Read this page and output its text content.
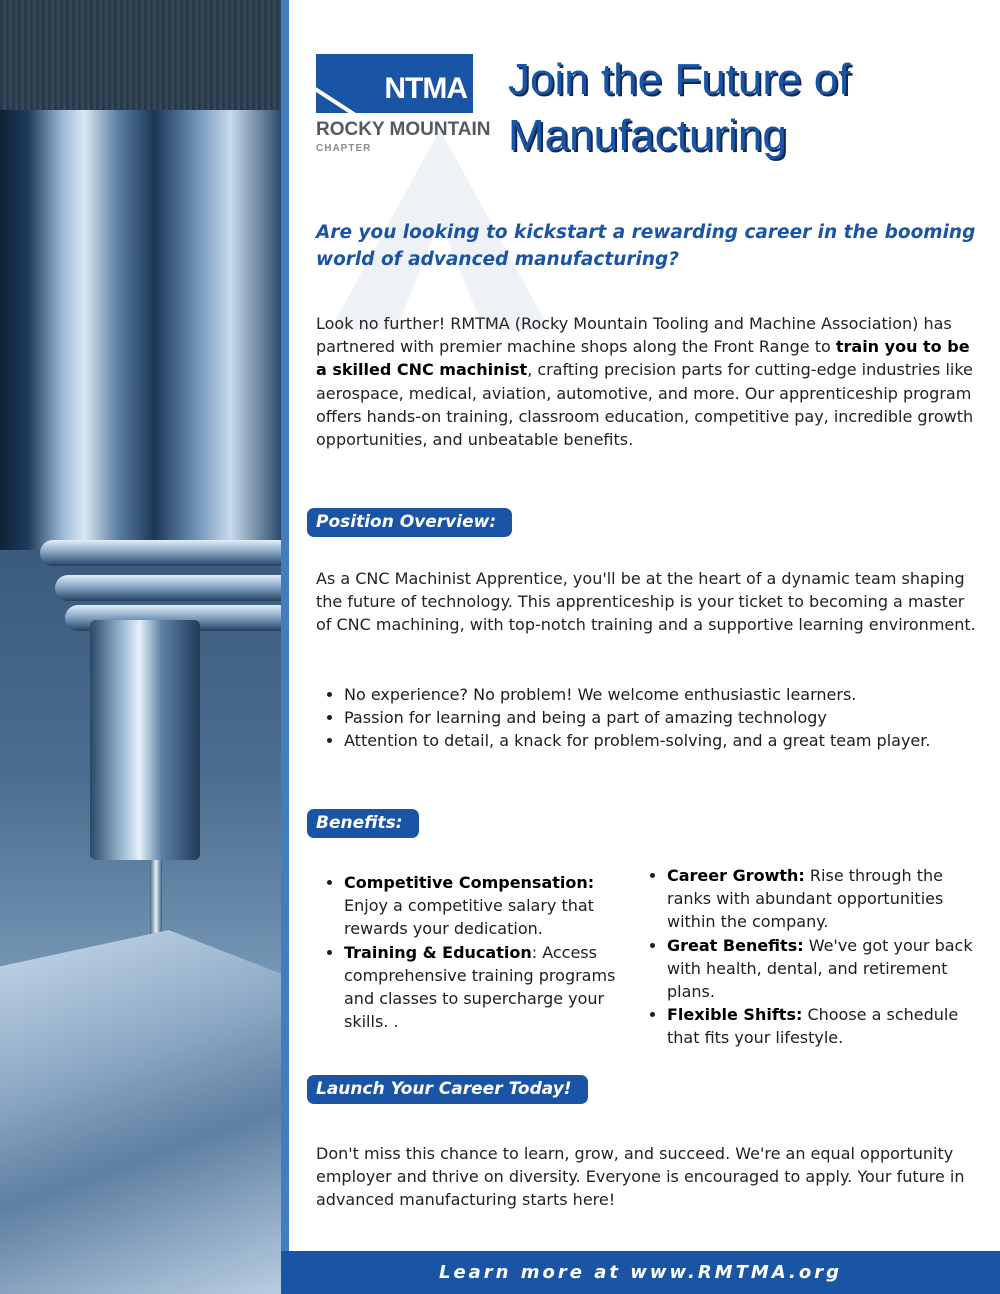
NTMA
ROCKY MOUNTAIN
CHAPTER
Join the Future of Manufacturing
Are you looking to kickstart a rewarding career in the booming world of advanced manufacturing?
Look no further! RMTMA (Rocky Mountain Tooling and Machine Association) has partnered with premier machine shops along the Front Range to train you to be a skilled CNC machinist, crafting precision parts for cutting-edge industries like aerospace, medical, aviation, automotive, and more. Our apprenticeship program offers hands-on training, classroom education, competitive pay, incredible growth opportunities, and unbeatable benefits.
Position Overview:
As a CNC Machinist Apprentice, you'll be at the heart of a dynamic team shaping the future of technology. This apprenticeship is your ticket to becoming a master of CNC machining, with top-notch training and a supportive learning environment.
• No experience? No problem! We welcome enthusiastic learners.
• Passion for learning and being a part of amazing technology
• Attention to detail, a knack for problem-solving, and a great team player.
Benefits:
• Competitive Compensation: Enjoy a competitive salary that rewards your dedication.
• Training & Education: Access comprehensive training programs and classes to supercharge your skills. .
• Career Growth: Rise through the ranks with abundant opportunities within the company.
• Great Benefits: We've got your back with health, dental, and retirement plans.
• Flexible Shifts: Choose a schedule that fits your lifestyle.
Launch Your Career Today!
Don't miss this chance to learn, grow, and succeed. We're an equal opportunity employer and thrive on diversity. Everyone is encouraged to apply. Your future in advanced manufacturing starts here!
Learn more at www.RMTMA.org
